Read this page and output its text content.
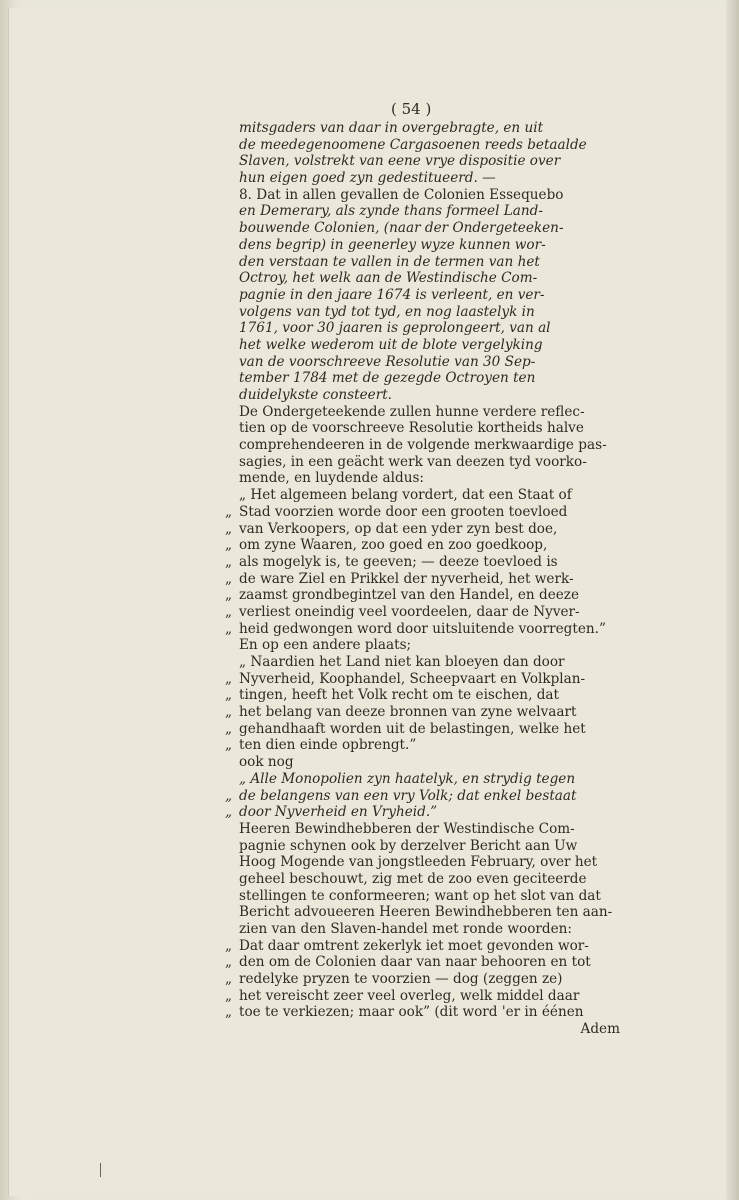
( 54 )
mitsgaders van daar in overgebragte, en uit
de meedegenoomene Cargasoenen reeds betaalde
Slaven, volstrekt van eene vrye dispositie over
hun eigen goed zyn gedestitueerd. —
8. Dat in allen gevallen de Colonien Essequebo
en Demerary, als zynde thans formeel Land-
bouwende Colonien, (naar der Ondergeteeken-
dens begrip) in geenerley wyze kunnen wor-
den verstaan te vallen in de termen van het
Octroy, het welk aan de Westindische Com-
pagnie in den jaare 1674 is verleent, en ver-
volgens van tyd tot tyd, en nog laastelyk in
1761, voor 30 jaaren is geprolongeert, van al
het welke wederom uit de blote vergelyking
van de voorschreeve Resolutie van 30 Sep-
tember 1784 met de gezegde Octroyen ten
duidelykste consteert.
De Ondergeteekende zullen hunne verdere reflec-
tien op de voorschreeve Resolutie kortheids halve
comprehendeeren in de volgende merkwaardige pas-
sagies, in een geächt werk van deezen tyd voorko-
mende, en luydende aldus:
„ Het algemeen belang vordert, dat een Staat of
„ Stad voorzien worde door een grooten toevloed
„ van Verkoopers, op dat een yder zyn best doe,
„ om zyne Waaren, zoo goed en zoo goedkoop,
„ als mogelyk is, te geeven; — deeze toevloed is
„ de ware Ziel en Prikkel der nyverheid, het werk-
„ zaamst grondbegintzel van den Handel, en deeze
„ verliest oneindig veel voordeelen, daar de Nyver-
„ heid gedwongen word door uitsluitende voorregten.”
En op een andere plaats;
„ Naardien het Land niet kan bloeyen dan door
„ Nyverheid, Koophandel, Scheepvaart en Volkplan-
„ tingen, heeft het Volk recht om te eischen, dat
„ het belang van deeze bronnen van zyne welvaart
„ gehandhaaft worden uit de belastingen, welke het
„ ten dien einde opbrengt.”
ook nog
„ Alle Monopolien zyn haatelyk, en strydig tegen
„ de belangens van een vry Volk; dat enkel bestaat
„ door Nyverheid en Vryheid.”
Heeren Bewindhebberen der Westindische Com-
pagnie schynen ook by derzelver Bericht aan Uw
Hoog Mogende van jongstleeden February, over het
geheel beschouwt, zig met de zoo even geciteerde
stellingen te conformeeren; want op het slot van dat
Bericht advoueeren Heeren Bewindhebberen ten aan-
zien van den Slaven-handel met ronde woorden:
„ Dat daar omtrent zekerlyk iet moet gevonden wor-
„ den om de Colonien daar van naar behooren en tot
„ redelyke pryzen te voorzien — dog (zeggen ze)
„ het vereischt zeer veel overleg, welk middel daar
„ toe te verkiezen; maar ook” (dit word 'er in éénen
Adem
